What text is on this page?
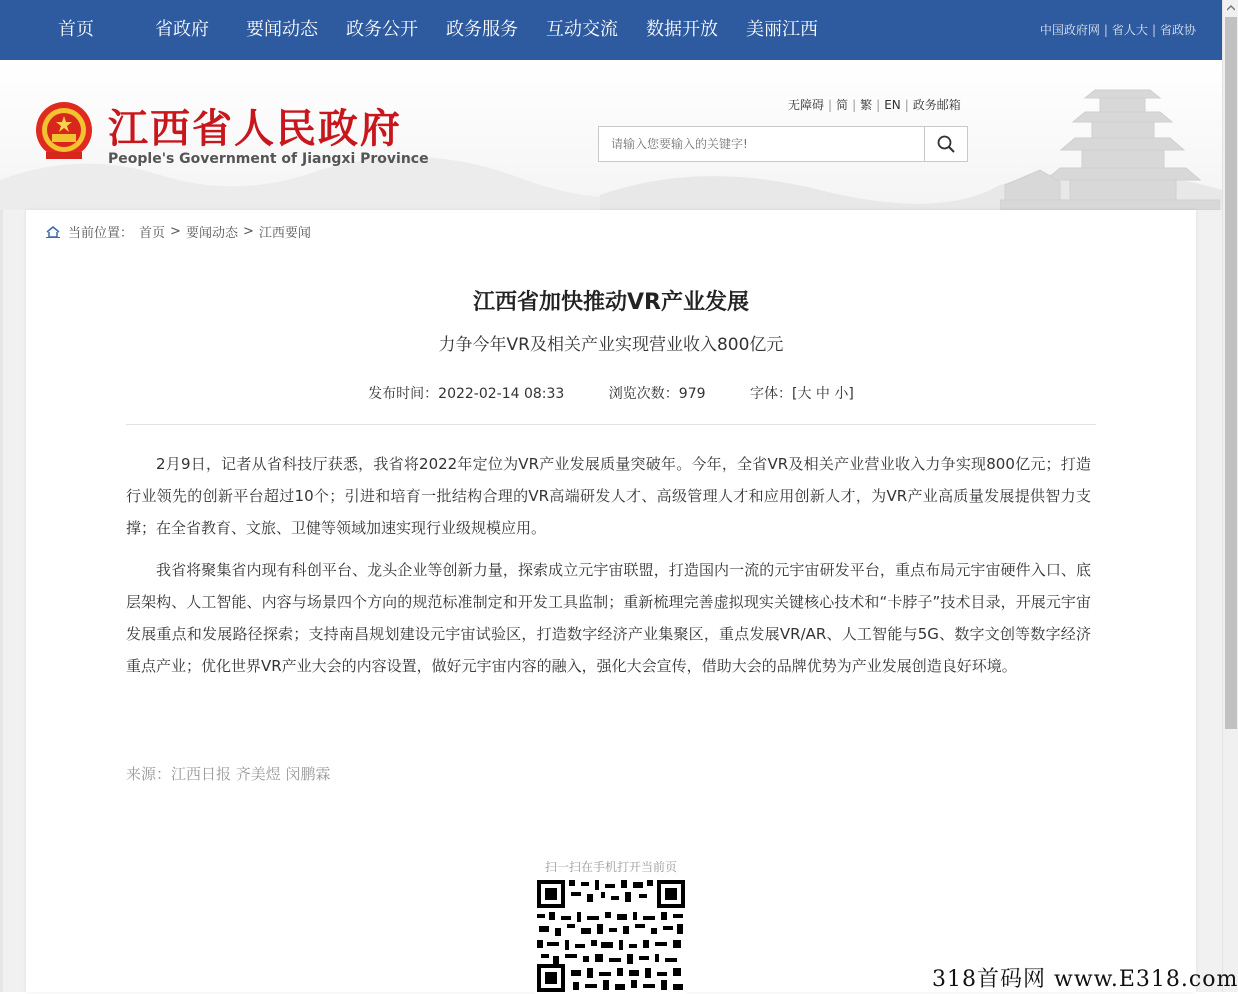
首页	省政府	要闻动态	政务公开	政务服务	互动交流	数据开放	美丽江西	中国政府网 | 省人大 | 省政协
江西省人民政府
People's Government of Jiangxi Province
无障碍 | 简 | 繁 | EN | 政务邮箱
请输入您要输入的关键字!
当前位置： 首页 > 要闻动态 > 江西要闻
江西省加快推动VR产业发展
力争今年VR及相关产业实现营业收入800亿元
发布时间：2022-02-14 08:33	浏览次数：979	字体：[大 中 小]

2月9日，记者从省科技厅获悉，我省将2022年定位为VR产业发展质量突破年。今年，全省VR及相关产业营业收入力争实现800亿元；打造行业领先的创新平台超过10个；引进和培育一批结构合理的VR高端研发人才、高级管理人才和应用创新人才，为VR产业高质量发展提供智力支撑；在全省教育、文旅、卫健等领域加速实现行业级规模应用。

我省将聚集省内现有科创平台、龙头企业等创新力量，探索成立元宇宙联盟，打造国内一流的元宇宙研发平台，重点布局元宇宙硬件入口、底层架构、人工智能、内容与场景四个方向的规范标准制定和开发工具监制；重新梳理完善虚拟现实关键核心技术和“卡脖子”技术目录，开展元宇宙发展重点和发展路径探索；支持南昌规划建设元宇宙试验区，打造数字经济产业集聚区，重点发展VR/AR、人工智能与5G、数字文创等数字经济重点产业；优化世界VR产业大会的内容设置，做好元宇宙内容的融入，强化大会宣传，借助大会的品牌优势为产业发展创造良好环境。

来源：江西日报 齐美煜 闵鹏霖
扫一扫在手机打开当前页
318首码网 www.E318.com
